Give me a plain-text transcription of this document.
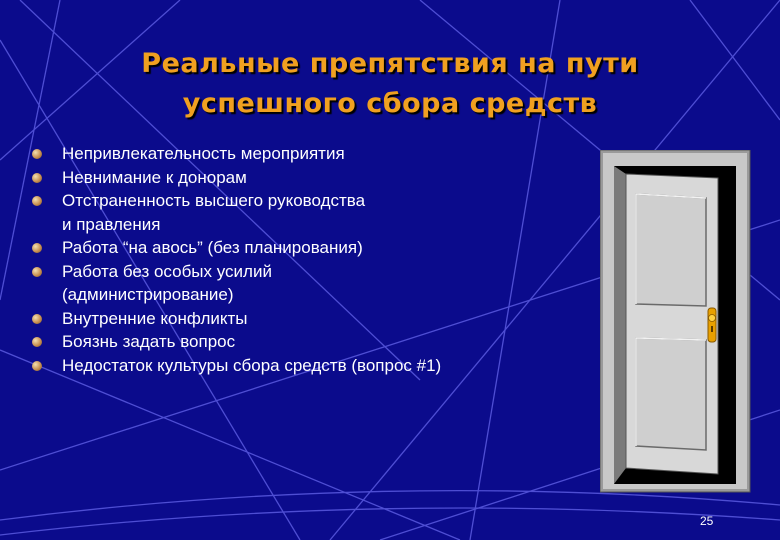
Реальные препятствия на пути
успешного сбора средств
Непривлекательность мероприятия
Невнимание к донорам
Отстраненность высшего руководства
и правления
Работа “на авось” (без планирования)
Работа без особых усилий
(администрирование)
Внутренние конфликты
Боязнь задать вопрос
Недостаток культуры сбора средств (вопрос #1)
25
